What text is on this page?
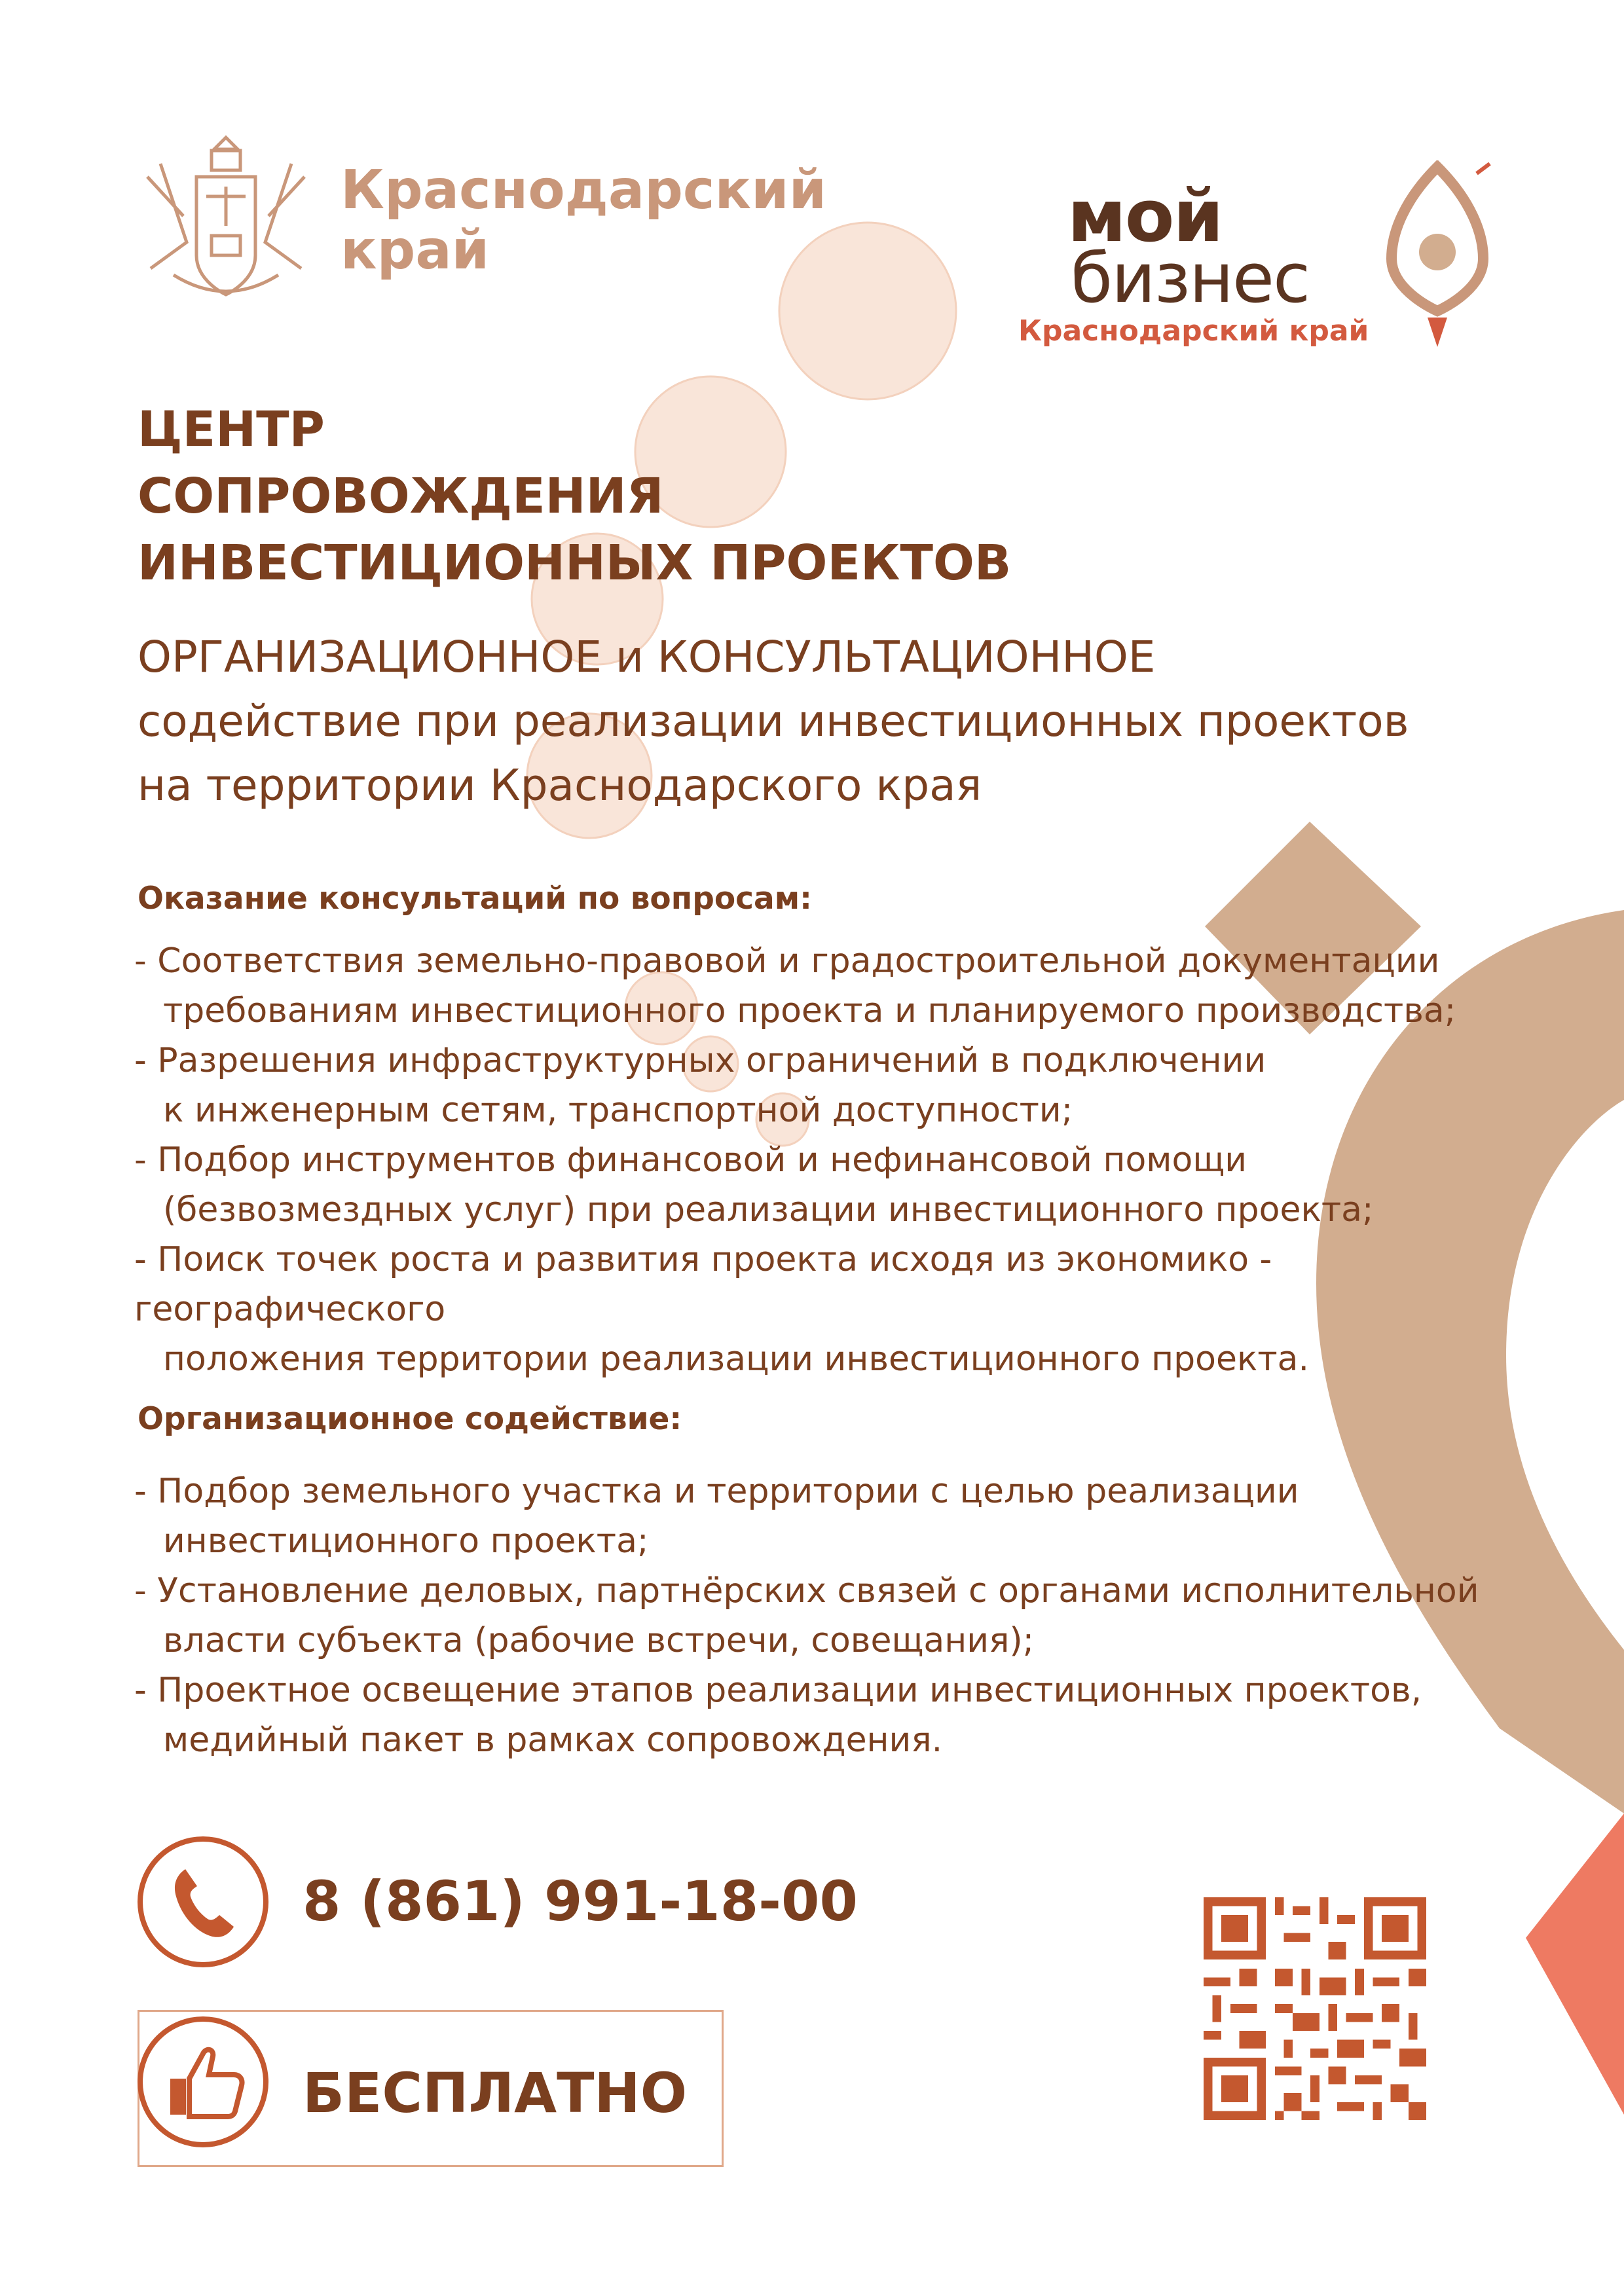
Краснодарский
край	мой
бизнес
Краснодарский край
ЦЕНТР
СОПРОВОЖДЕНИЯ
ИНВЕСТИЦИОННЫХ ПРОЕКТОВ
ОРГАНИЗАЦИОННОЕ и КОНСУЛЬТАЦИОННОЕ
содействие при реализации инвестиционных проектов
на территории Краснодарского края
Оказание консультаций по вопросам:

- Соответствия земельно-правовой и градостроительной документации

требованиям инвестиционного проекта и планируемого производства;

- Разрешения инфраструктурных ограничений в подключении

к инженерным сетям, транспортной доступности;

- Подбор инструментов финансовой и нефинансовой помощи

(безвозмездных услуг) при реализации инвестиционного проекта;

- Поиск точек роста и развития проекта исходя из экономико - географического

положения территории реализации инвестиционного проекта.

Организационное содействие:

- Подбор земельного участка и территории с целью реализации

инвестиционного проекта;

- Установление деловых, партнёрских связей с органами исполнительной

власти субъекта (рабочие встречи, совещания);

- Проектное освещение этапов реализации инвестиционных проектов,

медийный пакет в рамках сопровождения.

8 (861) 991-18-00
БЕСПЛАТНО
